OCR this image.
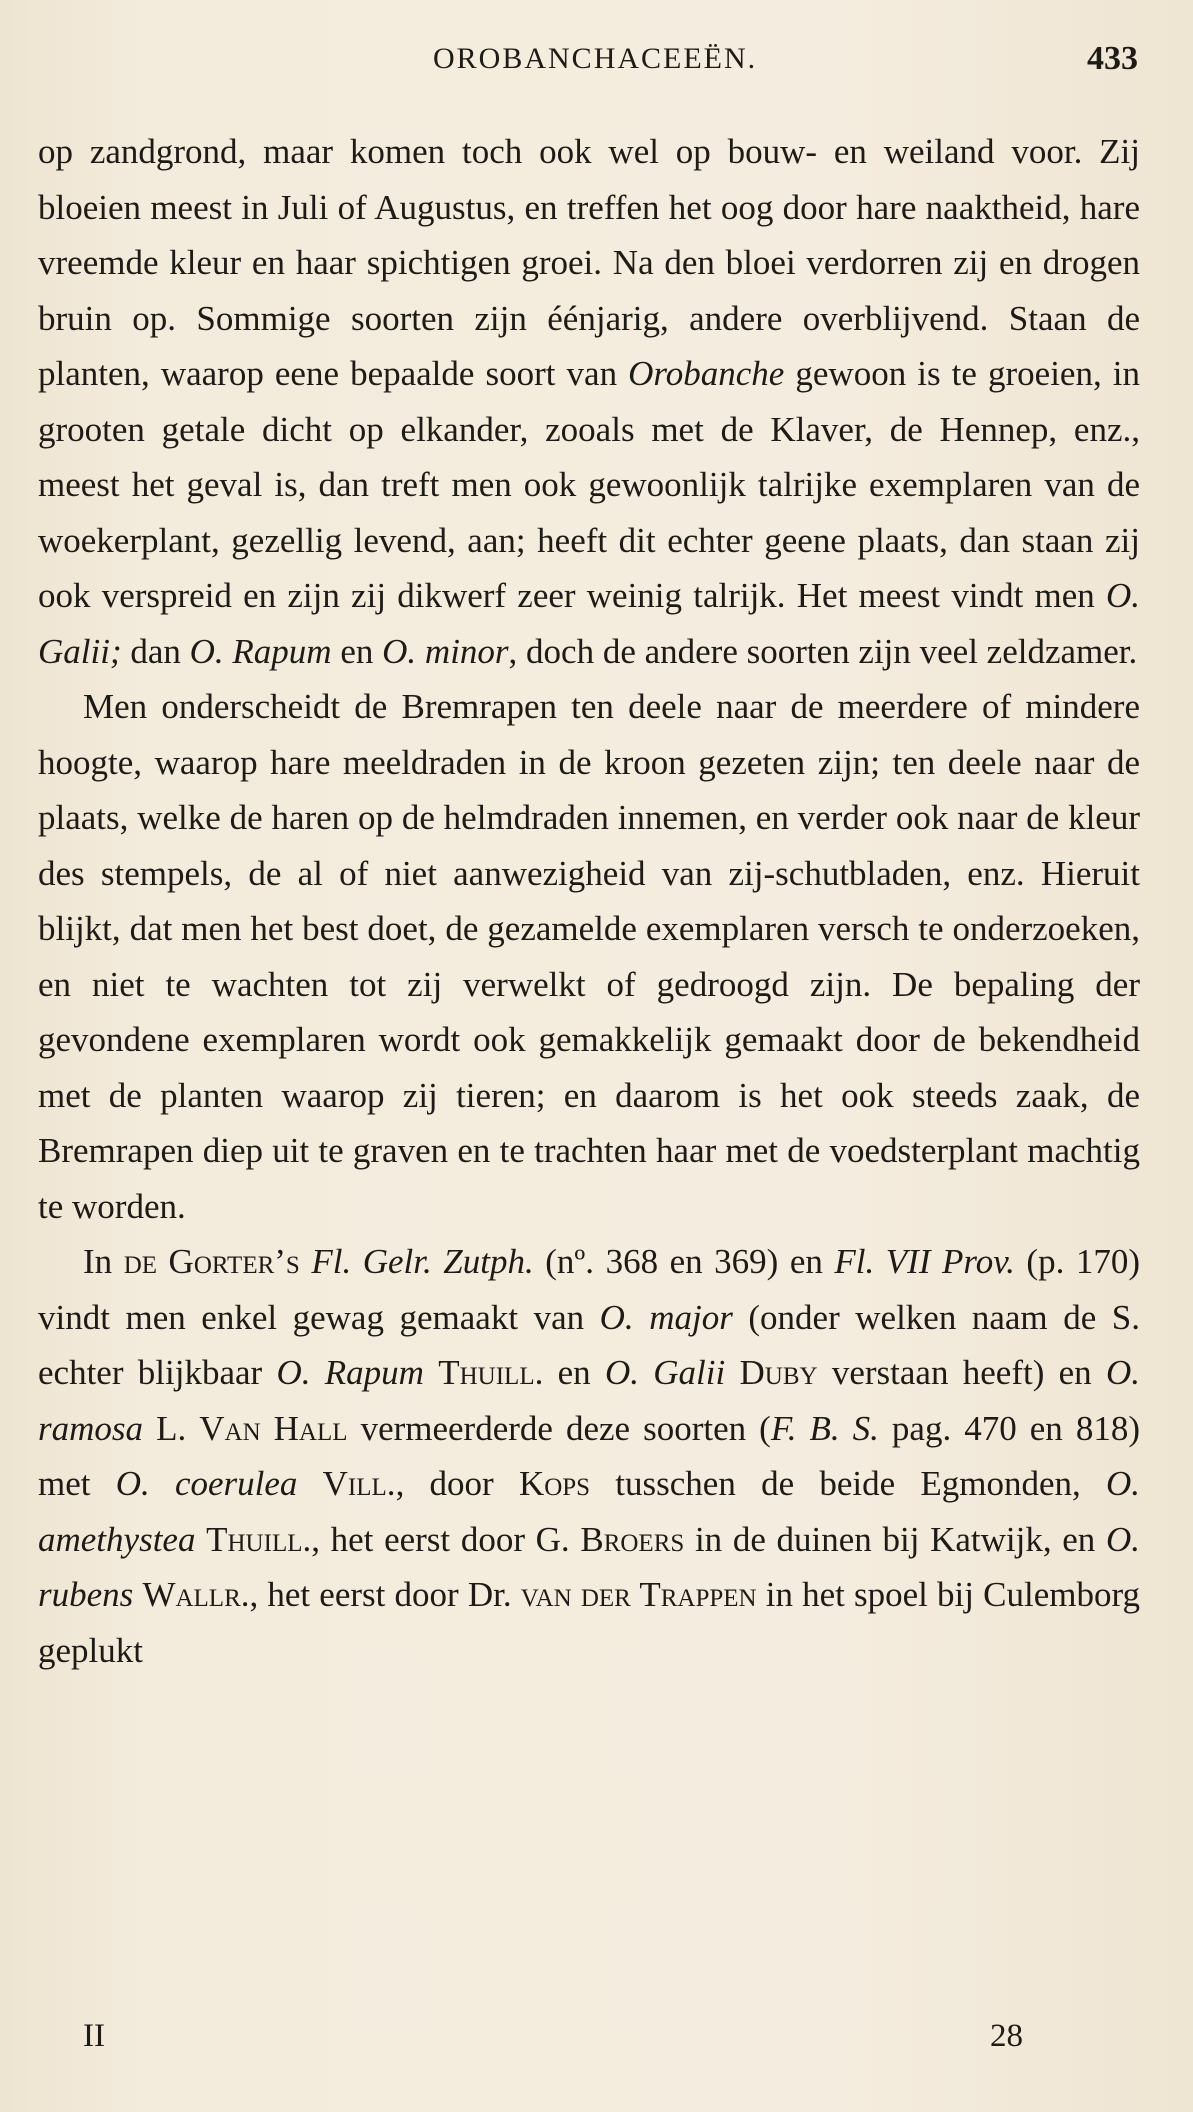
OROBANCHACEEËN.	433

op zandgrond, maar komen toch ook wel op bouw- en weiland voor. Zij bloeien meest in Juli of Augustus, en treffen het oog door hare naaktheid, hare vreemde kleur en haar spichtigen groei. Na den bloei verdorren zij en drogen bruin op. Sommige soorten zijn éénjarig, andere overblijvend. Staan de planten, waarop eene bepaalde soort van Orobanche gewoon is te groeien, in grooten getale dicht op elkander, zooals met de Klaver, de Hennep, enz., meest het geval is, dan treft men ook gewoonlijk talrijke exemplaren van de woekerplant, gezellig levend, aan; heeft dit echter geene plaats, dan staan zij ook verspreid en zijn zij dikwerf zeer weinig talrijk. Het meest vindt men O. Galii; dan O. Rapum en O. minor, doch de andere soorten zijn veel zeldzamer.

Men onderscheidt de Bremrapen ten deele naar de meerdere of mindere hoogte, waarop hare meeldraden in de kroon gezeten zijn; ten deele naar de plaats, welke de haren op de helmdraden innemen, en verder ook naar de kleur des stempels, de al of niet aanwezigheid van zij-schutbladen, enz. Hieruit blijkt, dat men het best doet, de gezamelde exemplaren versch te onderzoeken, en niet te wachten tot zij verwelkt of gedroogd zijn. De bepaling der gevondene exemplaren wordt ook gemakkelijk gemaakt door de bekendheid met de planten waarop zij tieren; en daarom is het ook steeds zaak, de Bremrapen diep uit te graven en te trachten haar met de voedsterplant machtig te worden.

In de Gorter’s Fl. Gelr. Zutph. (nº. 368 en 369) en Fl. VII Prov. (p. 170) vindt men enkel gewag gemaakt van O. major (onder welken naam de S. echter blijkbaar O. Rapum Thuill. en O. Galii Duby verstaan heeft) en O. ramosa L. Van Hall vermeerderde deze soorten (F. B. S. pag. 470 en 818) met O. coerulea Vill., door Kops tusschen de beide Egmonden, O. amethystea Thuill., het eerst door G. Broers in de duinen bij Katwijk, en O. rubens Wallr., het eerst door Dr. van der Trappen in het spoel bij Culemborg geplukt

II	28
